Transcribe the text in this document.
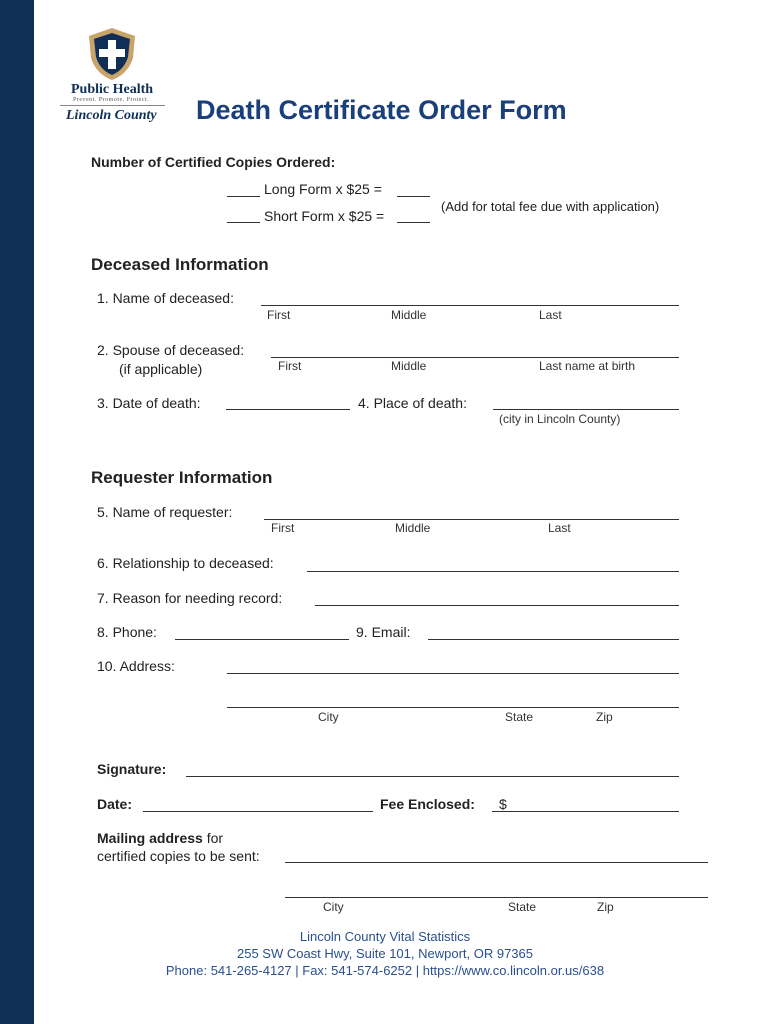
Public Health
Prevent. Promote. Protect.
Lincoln County Death Certificate Order Form
Number of Certified Copies Ordered:
Long Form x $25 =
Short Form x $25 =
(Add for total fee due with application)
Deceased Information
1. Name of deceased:
First	Middle	Last
2. Spouse of deceased:
(if applicable)	First	Middle	Last name at birth
3. Date of death:	4. Place of death:
(city in Lincoln County)
Requester Information
5. Name of requester:
First	Middle	Last
6. Relationship to deceased:
7. Reason for needing record:
8. Phone:	9. Email:
10. Address:
City	State	Zip
Signature:
Date:	Fee Enclosed: $
Mailing address for
certified copies to be sent:
City	State	Zip
Lincoln County Vital Statistics
255 SW Coast Hwy, Suite 101, Newport, OR 97365
Phone: 541-265-4127 | Fax: 541-574-6252 | https://www.co.lincoln.or.us/638
